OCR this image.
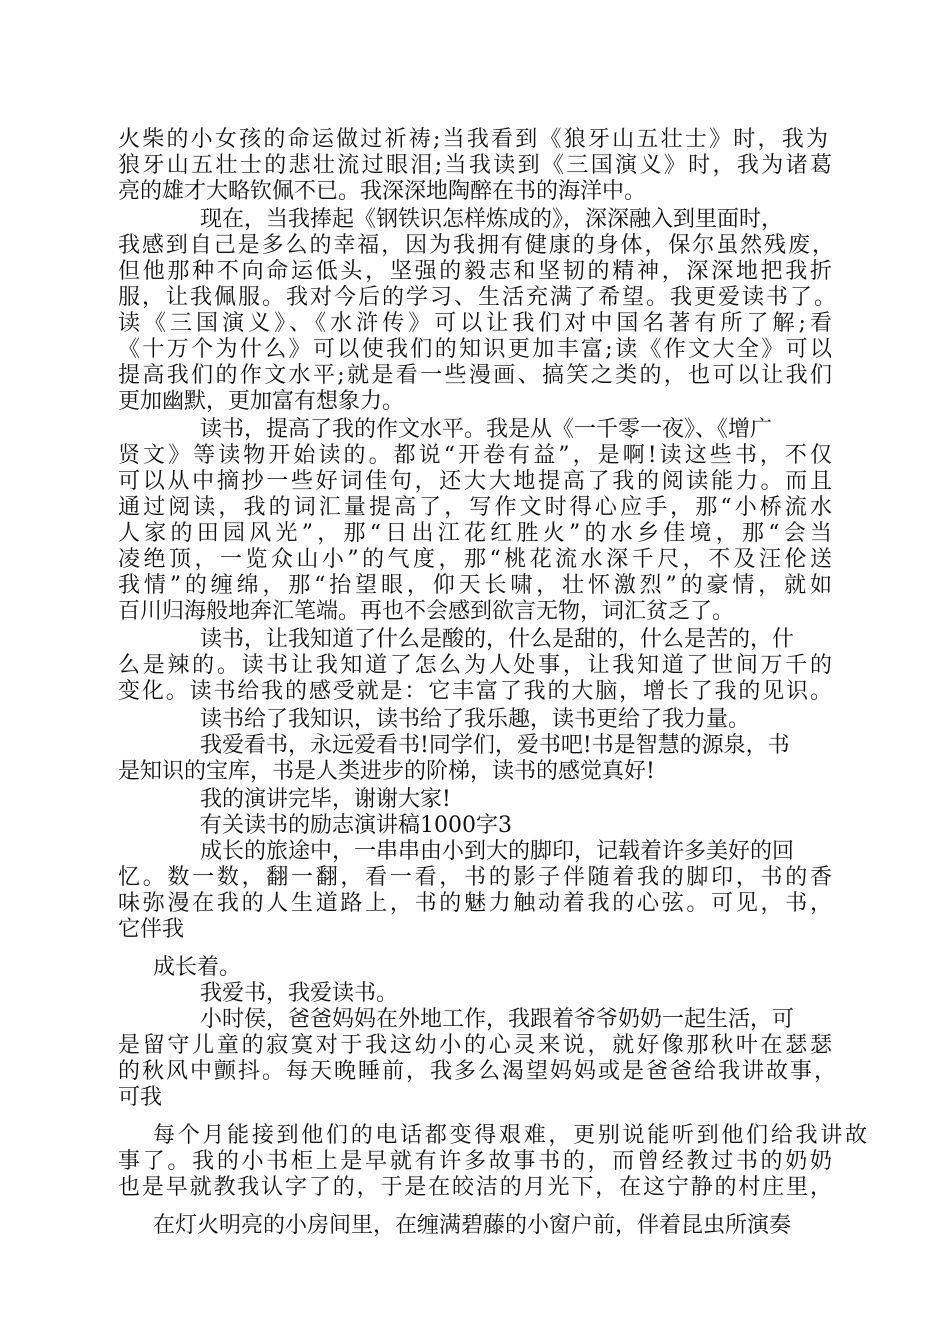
火柴的小女孩的命运做过祈祷;当我看到《狼牙山五壮士》时，我为
狼牙山五壮士的悲壮流过眼泪;当我读到《三国演义》时，我为诸葛
亮的雄才大略钦佩不已。我深深地陶醉在书的海洋中。
现在，当我捧起《钢铁识怎样炼成的》，深深融入到里面时，
我感到自己是多么的幸福，因为我拥有健康的身体，保尔虽然残废，
但他那种不向命运低头，坚强的毅志和坚韧的精神，深深地把我折
服，让我佩服。我对今后的学习、生活充满了希望。我更爱读书了。
读《三国演义》、《水浒传》可以让我们对中国名著有所了解;看
《十万个为什么》可以使我们的知识更加丰富;读《作文大全》可以
提高我们的作文水平;就是看一些漫画、搞笑之类的，也可以让我们
更加幽默，更加富有想象力。
读书，提高了我的作文水平。我是从《一千零一夜》、《增广
贤文》等读物开始读的。都说“开卷有益”，是啊!读这些书，不仅
可以从中摘抄一些好词佳句，还大大地提高了我的阅读能力。而且
通过阅读，我的词汇量提高了，写作文时得心应手，那“小桥流水
人家的田园风光”，那“日出江花红胜火”的水乡佳境，那“会当
凌绝顶，一览众山小”的气度，那“桃花流水深千尺，不及汪伦送
我情”的缠绵，那“抬望眼，仰天长啸，壮怀激烈”的豪情，就如
百川归海般地奔汇笔端。再也不会感到欲言无物，词汇贫乏了。
读书，让我知道了什么是酸的，什么是甜的，什么是苦的，什
么是辣的。读书让我知道了怎么为人处事，让我知道了世间万千的
变化。读书给我的感受就是：它丰富了我的大脑，增长了我的见识。
读书给了我知识，读书给了我乐趣，读书更给了我力量。
我爱看书，永远爱看书!同学们，爱书吧!书是智慧的源泉，书
是知识的宝库，书是人类进步的阶梯，读书的感觉真好!
我的演讲完毕，谢谢大家!
有关读书的励志演讲稿1000字3
成长的旅途中，一串串由小到大的脚印，记载着许多美好的回
忆。数一数，翻一翻，看一看，书的影子伴随着我的脚印，书的香
味弥漫在我的人生道路上，书的魅力触动着我的心弦。可见，书，
它伴我
成长着。
我爱书，我爱读书。
小时侯，爸爸妈妈在外地工作，我跟着爷爷奶奶一起生活，可
是留守儿童的寂寞对于我这幼小的心灵来说，就好像那秋叶在瑟瑟
的秋风中颤抖。每天晚睡前，我多么渴望妈妈或是爸爸给我讲故事，
可我
每个月能接到他们的电话都变得艰难，更别说能听到他们给我讲故
事了。我的小书柜上是早就有许多故事书的，而曾经教过书的奶奶
也是早就教我认字了的，于是在皎洁的月光下，在这宁静的村庄里，
在灯火明亮的小房间里，在缠满碧藤的小窗户前，伴着昆虫所演奏
